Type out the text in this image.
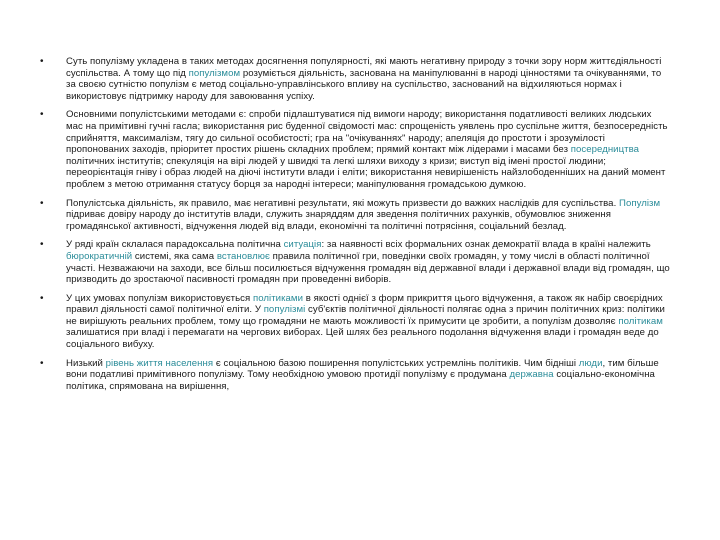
• Суть популізму укладена в таких методах досягнення популярності, які мають негативну природу з точки зору норм життєдіяльності суспільства. А тому що під популізмом розуміється діяльність, заснована на маніпулюванні в народі цінностями та очікуваннями, то за своєю сутністю популізм є метод соціально-управлінського впливу на суспільство, заснований на відхиляються нормах і використовує підтримку народу для завоювання успіху.
• Основними популістськими методами є: спроби підлаштуватися під вимоги народу; використання податливості великих людських мас на примітивні гучні гасла; використання рис буденної свідомості мас: спрощеність уявлень про суспільне життя, безпосередність сприйняття, максималізм, тягу до сильної особистості; гра на "очікуваннях" народу; апеляція до простоти і зрозумілості пропонованих заходів, пріоритет простих рішень складних проблем; прямий контакт між лідерами і масами без посередництва політичних інститутів; спекуляція на вірі людей у швидкі та легкі шляхи виходу з кризи; виступ від імені простої людини; переорієнтація гніву і образ людей на діючі інститути влади і еліти; використання невирішеність найзлободенніших на даний момент проблем з метою отримання статусу борця за народні інтереси; маніпулювання громадською думкою.
• Популістська діяльність, як правило, має негативні результати, які можуть призвести до важких наслідків для суспільства. Популізм підриває довіру народу до інститутів влади, служить знаряддям для зведення політичних рахунків, обумовлює зниження громадянської активності, відчуження людей від влади, економічні та політичні потрясіння, соціальний безлад.
• У ряді країн склалася парадоксальна політична ситуація: за наявності всіх формальних ознак демократії влада в країні належить бюрократичній системі, яка сама встановлює правила політичної гри, поведінки своїх громадян, у тому числі в області політичної участі. Незважаючи на заходи, все більш посилюється відчуження громадян від державної влади і державної влади від громадян, що призводить до зростаючої пасивності громадян при проведенні виборів.
• У цих умовах популізм використовується політиками в якості однієї з форм прикриття цього відчуження, а також як набір своєрідних правил діяльності самої політичної еліти. У популізмі суб'єктів політичної діяльності полягає одна з причин політичних криз: політики не вирішують реальних проблем, тому що громадяни не мають можливості їх примусити це зробити, а популізм дозволяє політикам залишатися при владі і перемагати на чергових виборах. Цей шлях без реального подолання відчуження влади і громадян веде до соціального вибуху.
• Низький рівень життя населення є соціальною базою поширення популістських устремлінь політиків. Чим бідніші люди, тим більше вони податливі примітивного популізму. Тому необхідною умовою протидії популізму є продумана державна соціально-економічна політика, спрямована на вирішення,
